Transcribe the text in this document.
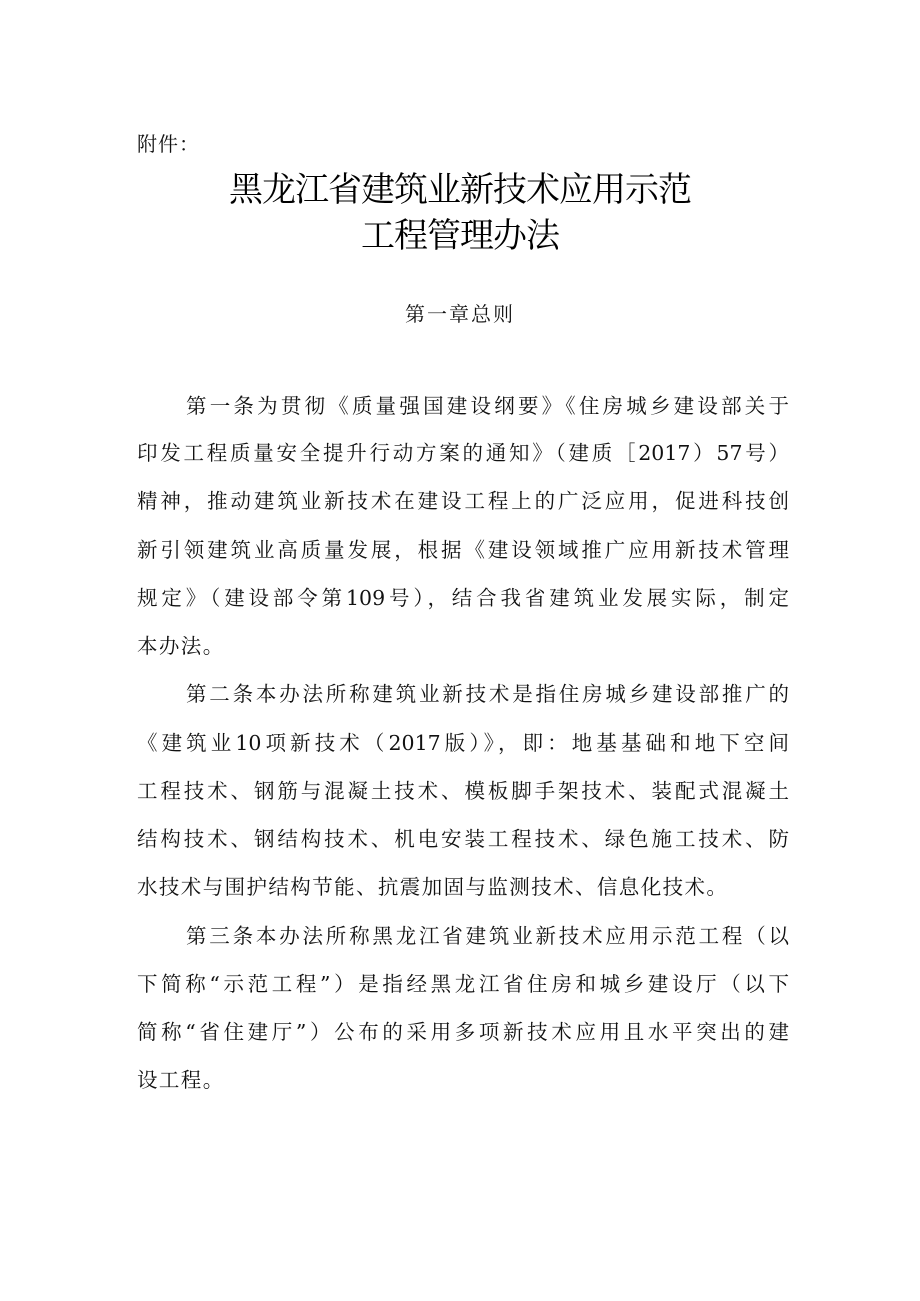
附件：
黑龙江省建筑业新技术应用示范
工程管理办法
第一章总则
第一条为贯彻《质量强国建设纲要》《住房城乡建设部关于
印发工程质量安全提升行动方案的通知》（建质［2017）57号）
精神，推动建筑业新技术在建设工程上的广泛应用，促进科技创
新引领建筑业高质量发展，根据《建设领域推广应用新技术管理
规定》（建设部令第109号），结合我省建筑业发展实际，制定
本办法。
第二条本办法所称建筑业新技术是指住房城乡建设部推广的
《建筑业10项新技术（2017版）》，即：地基基础和地下空间
工程技术、钢筋与混凝土技术、模板脚手架技术、装配式混凝土
结构技术、钢结构技术、机电安装工程技术、绿色施工技术、防
水技术与围护结构节能、抗震加固与监测技术、信息化技术。
第三条本办法所称黑龙江省建筑业新技术应用示范工程（以
下简称“示范工程”）是指经黑龙江省住房和城乡建设厅（以下
简称“省住建厅”）公布的采用多项新技术应用且水平突出的建
设工程。
